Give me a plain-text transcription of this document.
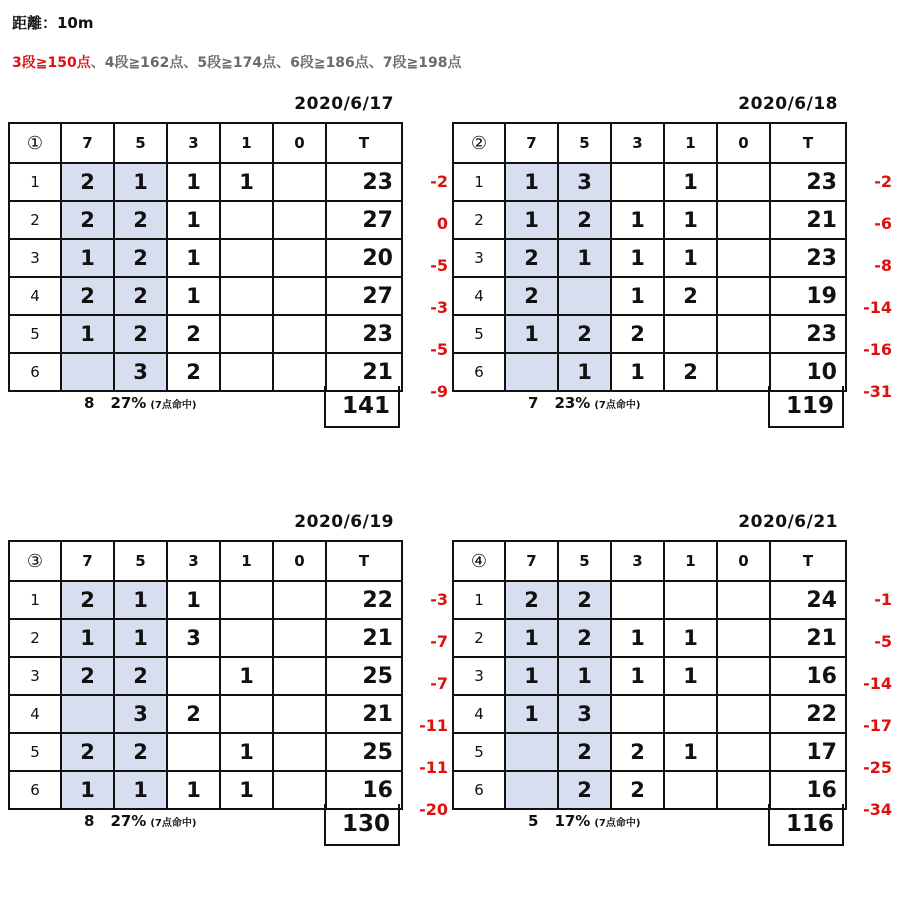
距離：10m
3段≧150点、4段≧162点、5段≧174点、6段≧186点、7段≧198点
2020/6/17
①	7	5	3	1	0	T
1	2	1	1	1		23
2	2	2	1			27
3	1	2	1			20
4	2	2	1			27
5	1	2	2			23
6		3	2			21
-2
0
-5
-3
-5
-9
8 27% (7点命中)	141
2020/6/18
②	7	5	3	1	0	T
1	1	3		1		23
2	1	2	1	1		21
3	2	1	1	1		23
4	2		1	2		19
5	1	2	2			23
6		1	1	2		10
-2
-6
-8
-14
-16
-31
7 23% (7点命中)	119
2020/6/19
③	7	5	3	1	0	T
1	2	1	1			22
2	1	1	3			21
3	2	2		1		25
4		3	2			21
5	2	2		1		25
6	1	1	1	1		16
-3
-7
-7
-11
-11
-20
8 27% (7点命中)	130
2020/6/21
④	7	5	3	1	0	T
1	2	2				24
2	1	2	1	1		21
3	1	1	1	1		16
4	1	3				22
5		2	2	1		17
6		2	2			16
-1
-5
-14
-17
-25
-34
5 17% (7点命中)	116
